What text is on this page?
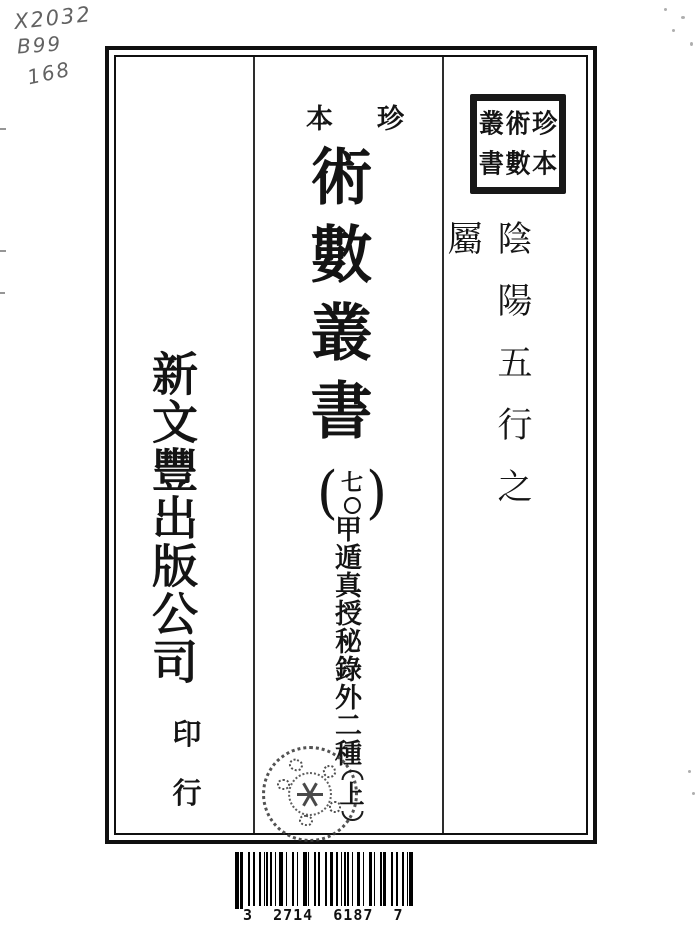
X2032
B99
168
珍
本
術
數
叢
書
陰陽五行之屬
珍
本
術數叢書
( 七 )
甲遁真授秘錄外二種
上
新文豐出版公司
印
行
3  2714  6187  7
